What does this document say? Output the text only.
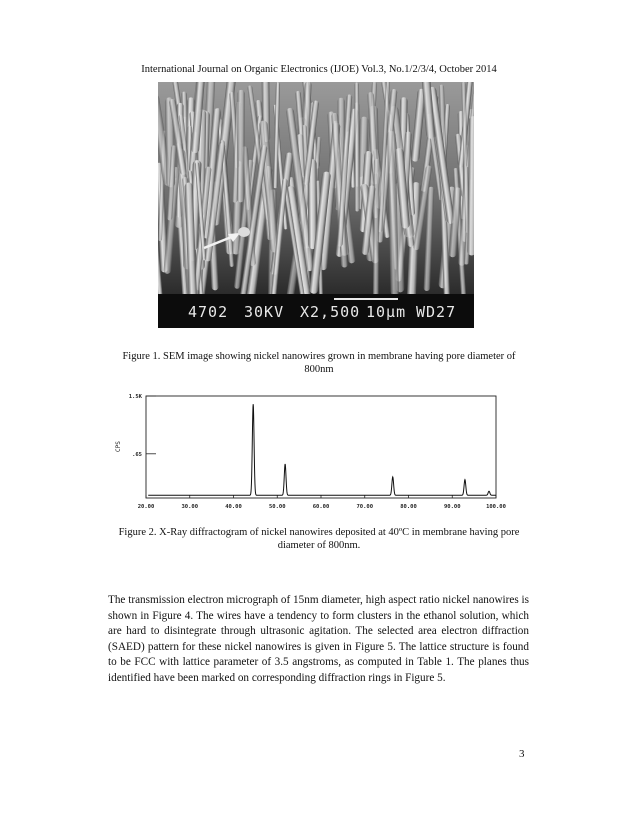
International Journal on Organic Electronics (IJOE) Vol.3, No.1/2/3/4, October 2014
4702 30KV X2,500 10µm WD27
Figure 1. SEM image showing nickel nanowires grown in membrane having pore diameter of
800nm
CPS
.65
1.5K
20.00	30.00	40.00	50.00	60.00	70.00	80.00	90.00	100.00
Figure 2. X-Ray diffractogram of nickel nanowires deposited at 40ºC in membrane having pore
diameter of 800nm.
The transmission electron micrograph of 15nm diameter, high aspect ratio nickel nanowires is shown in Figure 4. The wires have a tendency to form clusters in the ethanol solution, which are hard to disintegrate through ultrasonic agitation. The selected area electron diffraction (SAED) pattern for these nickel nanowires is given in Figure 5. The lattice structure is found to be FCC with lattice parameter of 3.5 angstroms, as computed in Table 1. The planes thus identified have been marked on corresponding diffraction rings in Figure 5.
3
